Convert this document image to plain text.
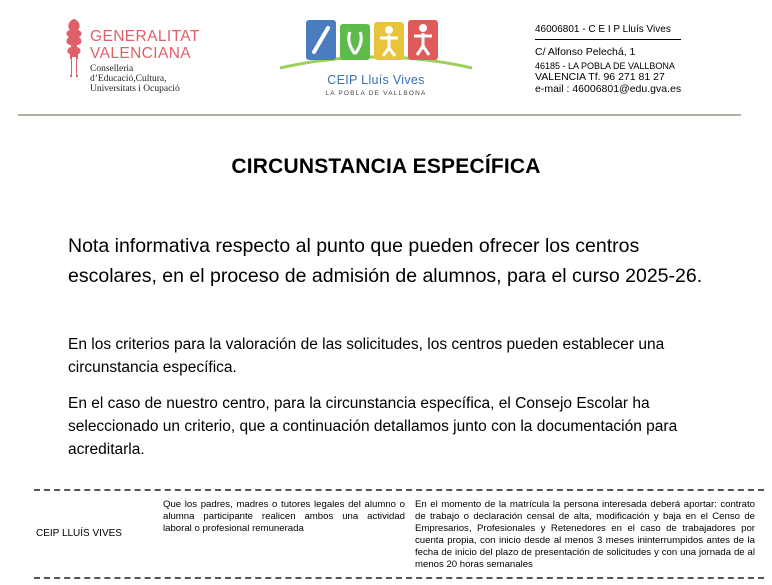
GENERALITAT
VALENCIANA
Conselleria d’Educació,Cultura,
Universitats i Ocupació
CEIP Lluís Vives
LA POBLA DE VALLBONA
46006801 - C E I P Lluís Vives
C/ Alfonso Pelechá, 1
46185 - LA POBLA DE VALLBONA
VALENCIA Tf. 96 271 81 27
e-mail : 46006801@edu.gva.es
CIRCUNSTANCIA ESPECÍFICA
Nota informativa respecto al punto que pueden ofrecer los centros escolares, en el proceso de admisión de alumnos, para el curso 2025-26.
En los criterios para la valoración de las solicitudes, los centros pueden establecer una circunstancia específica.
En el caso de nuestro centro, para la circunstancia específica, el Consejo Escolar ha seleccionado un criterio, que a continuación detallamos junto con la documentación para acreditarla.
CEIP LLUÍS VIVES
Que los padres, madres o tutores legales del alumno o alumna participante realicen ambos una actividad laboral o profesional remunerada
En el momento de la matrícula la persona interesada deberá aportar: contrato de trabajo o declaración censal de alta, modificación y baja en el Censo de Empresarios, Profesionales y Retenedores en el caso de trabajadores por cuenta propia, con inicio desde al menos 3 meses ininterrumpidos antes de la fecha de inicio del plazo de presentación de solicitudes y con una jornada de al menos 20 horas semanales
